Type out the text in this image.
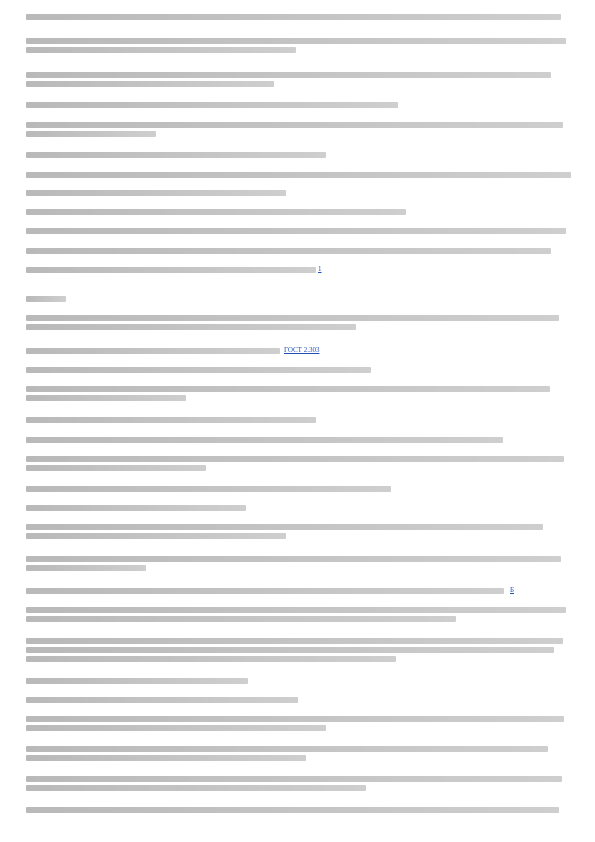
1
ГОСТ 2.303
Б
